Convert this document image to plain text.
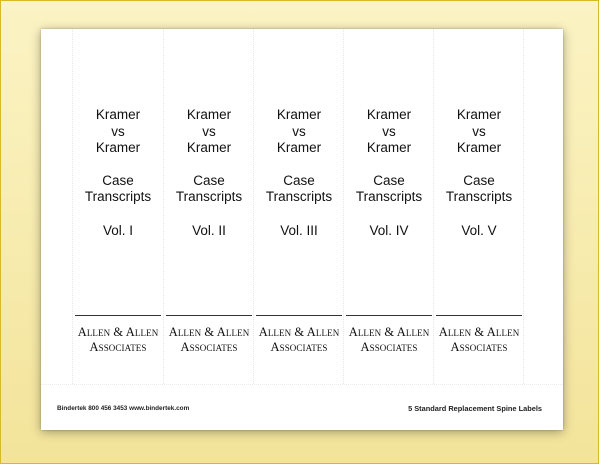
Kramer
vs
Kramer
Case
Transcripts
Vol. I
Allen & Allen
Associates
Kramer
vs
Kramer
Case
Transcripts
Vol. II
Allen & Allen
Associates
Kramer
vs
Kramer
Case
Transcripts
Vol. III
Allen & Allen
Associates
Kramer
vs
Kramer
Case
Transcripts
Vol. IV
Allen & Allen
Associates
Kramer
vs
Kramer
Case
Transcripts
Vol. V
Allen & Allen
Associates
Bindertek 800 456 3453 www.bindertek.com	5 Standard Replacement Spine Labels
